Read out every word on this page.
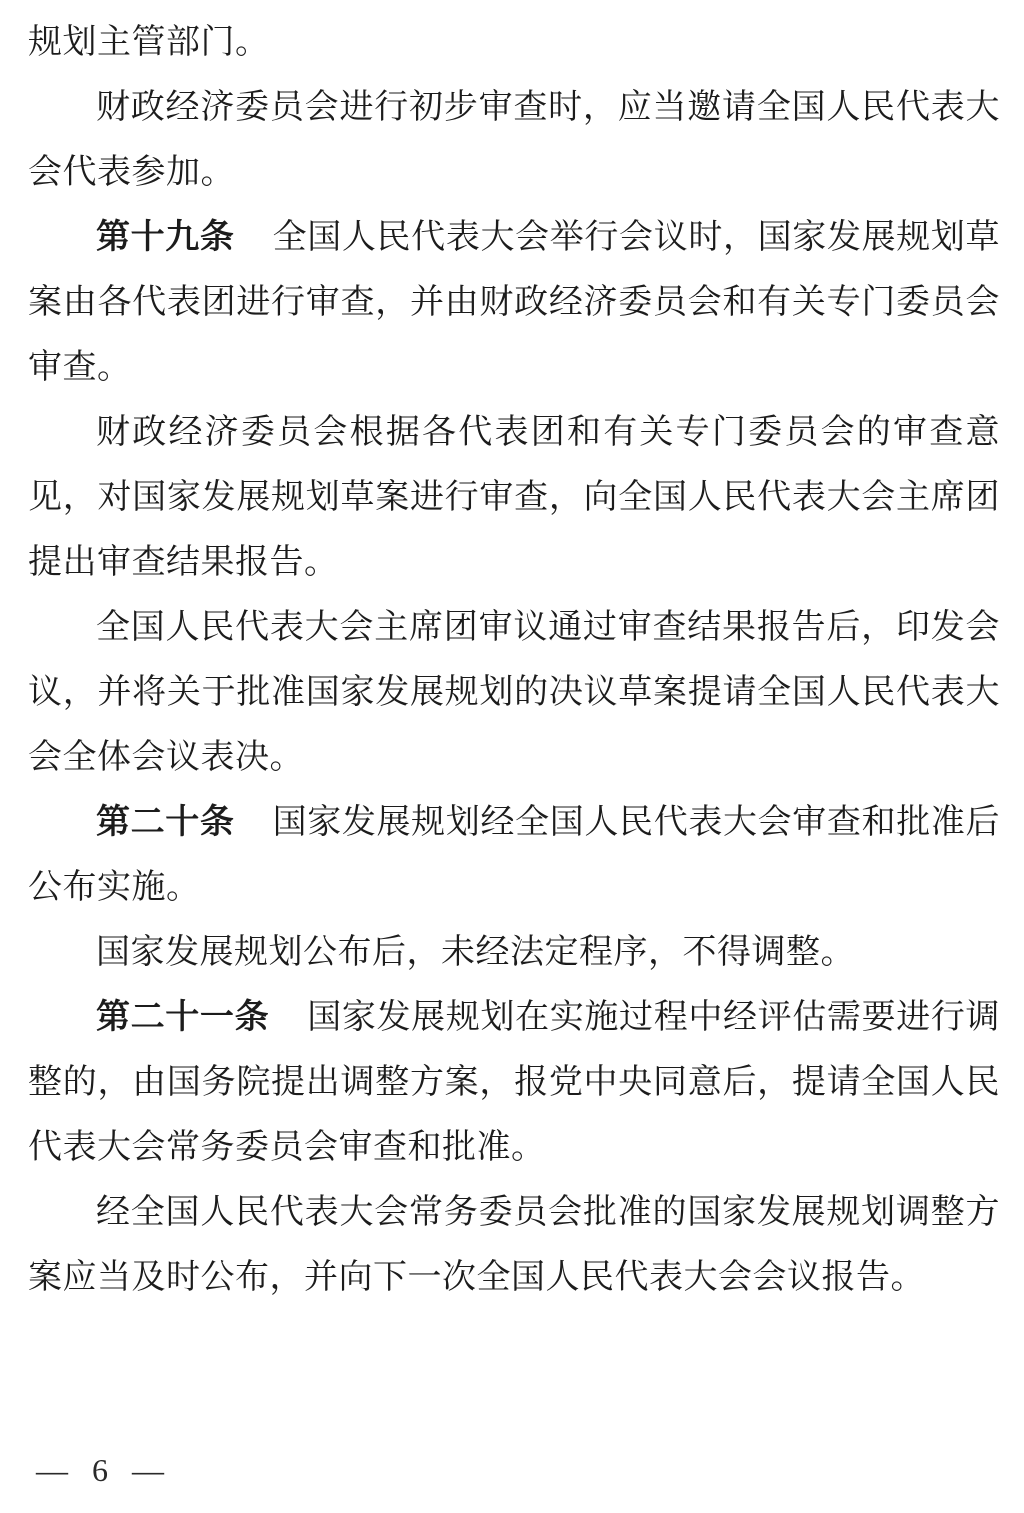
规划主管部门。

财政经济委员会进行初步审查时，应当邀请全国人民代表大会代表参加。

第十九条 全国人民代表大会举行会议时，国家发展规划草案由各代表团进行审查，并由财政经济委员会和有关专门委员会审查。

财政经济委员会根据各代表团和有关专门委员会的审查意见，对国家发展规划草案进行审查，向全国人民代表大会主席团提出审查结果报告。

全国人民代表大会主席团审议通过审查结果报告后，印发会议，并将关于批准国家发展规划的决议草案提请全国人民代表大会全体会议表决。

第二十条 国家发展规划经全国人民代表大会审查和批准后公布实施。

国家发展规划公布后，未经法定程序，不得调整。

第二十一条 国家发展规划在实施过程中经评估需要进行调整的，由国务院提出调整方案，报党中央同意后，提请全国人民代表大会常务委员会审查和批准。

经全国人民代表大会常务委员会批准的国家发展规划调整方案应当及时公布，并向下一次全国人民代表大会会议报告。

— 6 —
